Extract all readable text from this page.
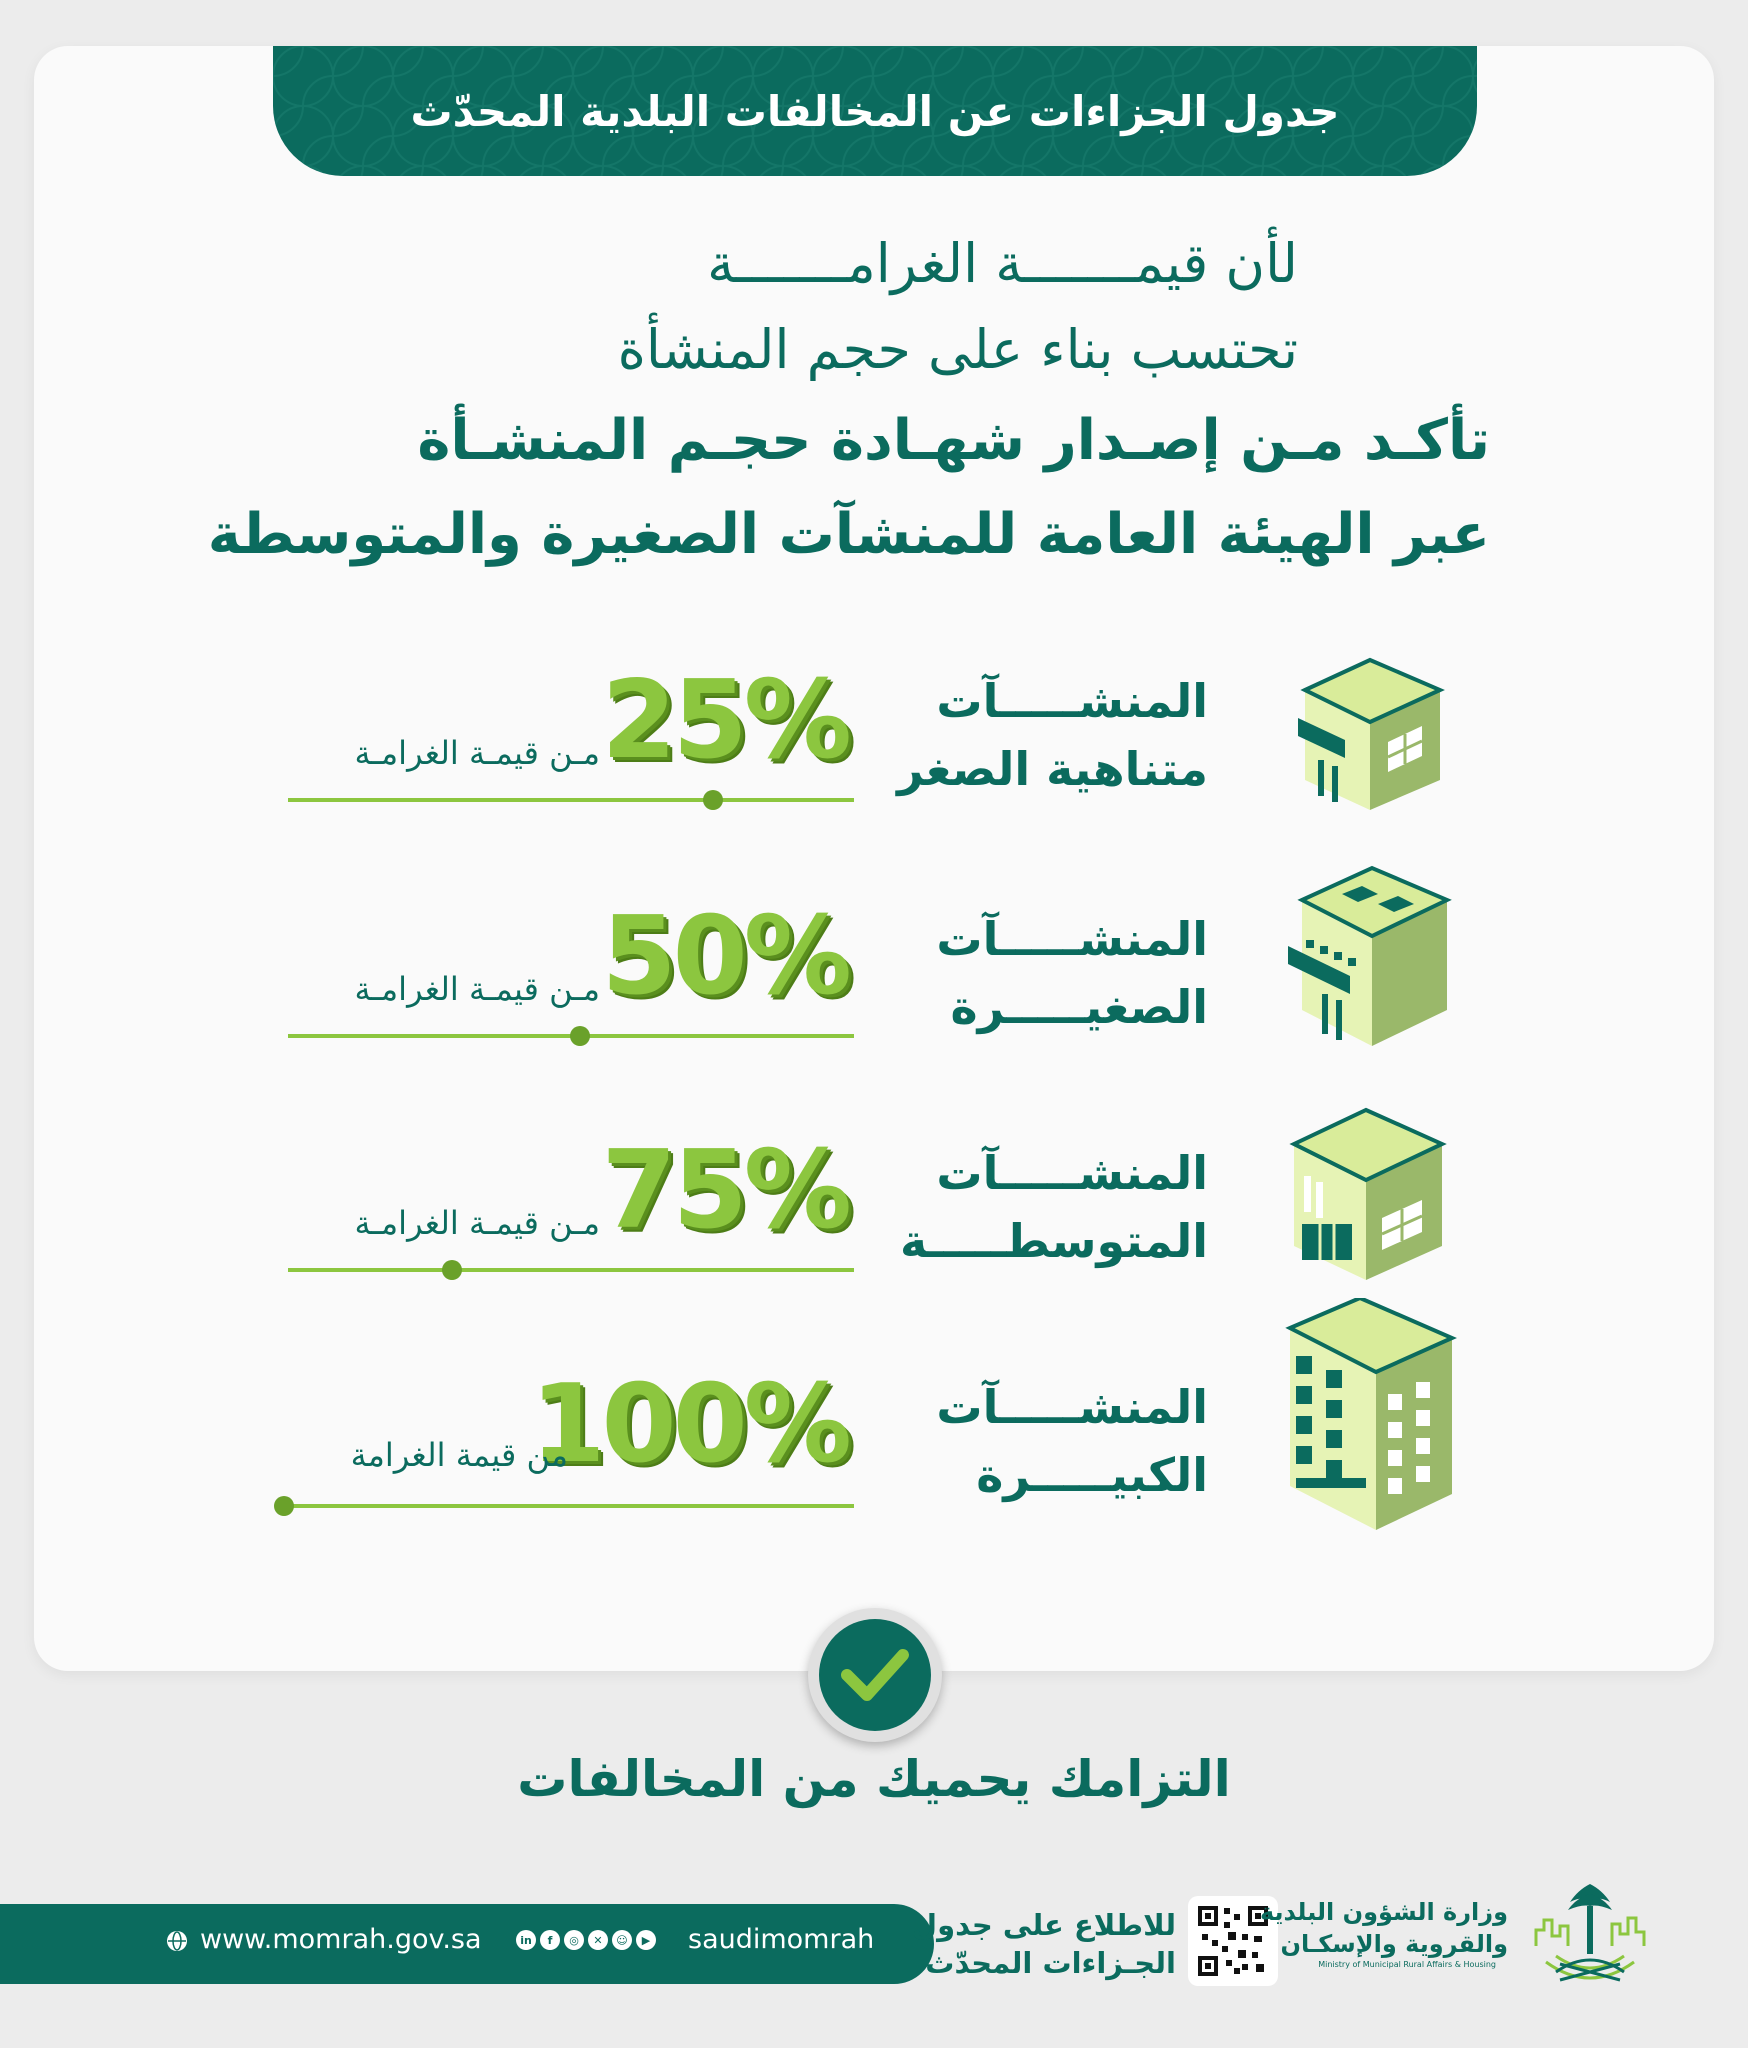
جدول الجزاءات عن المخالفات البلدية المحدّث
لأن قيمـــــــة الغرامـــــــة
تحتسب بناء على حجم المنشأة
تأكـد مـن إصـدار شهـادة حجـم المنشـأة
عبر الهيئة العامة للمنشآت الصغيرة والمتوسطة
المنشـــــآت
متناهية الصغر
25%
مـن قيمـة الغرامـة
المنشـــــآت
الصغيـــــرة
50%
مـن قيمـة الغرامـة
المنشـــــآت
المتوسطـــــة
75%
مـن قيمـة الغرامـة
المنشـــــآت
الكبيـــــرة
100%
من قيمة الغرامة
التزامك يحميك من المخالفات
www.momrah.gov.sa	in	f	◎	✕	☺	▶ saudimomrah للاطلاع على جدول
الجـزاءات المحدّث
وزارة الشؤون البلدية
والقروية والإسكـان
Ministry of Municipal Rural Affairs & Housing
